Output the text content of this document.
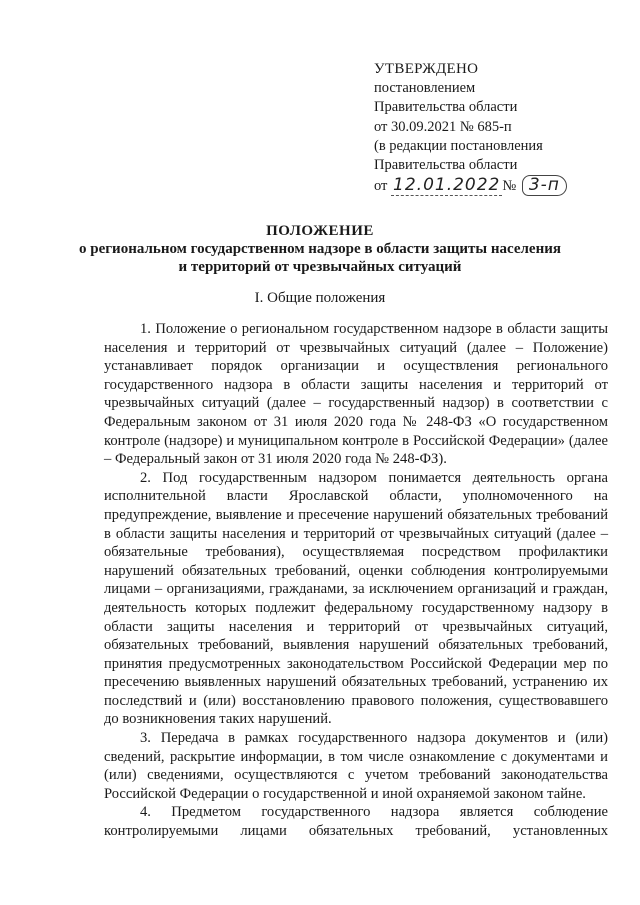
УТВЕРЖДЕНО
постановлением
Правительства области
от 30.09.2021 № 685-п
(в редакции постановления
Правительства области
от 12.01.2022 № 3-п
ПОЛОЖЕНИЕ
о региональном государственном надзоре в области защиты населения
и территорий от чрезвычайных ситуаций
I. Общие положения

1. Положение о региональном государственном надзоре в области защиты населения и территорий от чрезвычайных ситуаций (далее – Положение) устанавливает порядок организации и осуществления регионального государственного надзора в области защиты населения и территорий от чрезвычайных ситуаций (далее – государственный надзор) в соответствии с Федеральным законом от 31 июля 2020 года № 248-ФЗ «О государственном контроле (надзоре) и муниципальном контроле в Российской Федерации» (далее – Федеральный закон от 31 июля 2020 года № 248-ФЗ).

2. Под государственным надзором понимается деятельность органа исполнительной власти Ярославской области, уполномоченного на предупреждение, выявление и пресечение нарушений обязательных требований в области защиты населения и территорий от чрезвычайных ситуаций (далее – обязательные требования), осуществляемая посредством профилактики нарушений обязательных требований, оценки соблюдения контролируемыми лицами – организациями, гражданами, за исключением организаций и граждан, деятельность которых подлежит федеральному государственному надзору в области защиты населения и территорий от чрезвычайных ситуаций, обязательных требований, выявления нарушений обязательных требований, принятия предусмотренных законодательством Российской Федерации мер по пресечению выявленных нарушений обязательных требований, устранению их последствий и (или) восстановлению правового положения, существовавшего до возникновения таких нарушений.

3. Передача в рамках государственного надзора документов и (или) сведений, раскрытие информации, в том числе ознакомление с документами и (или) сведениями, осуществляются с учетом требований законодательства Российской Федерации о государственной и иной охраняемой законом тайне.

4. Предметом государственного надзора является соблюдение контролируемыми лицами обязательных требований, установленных
